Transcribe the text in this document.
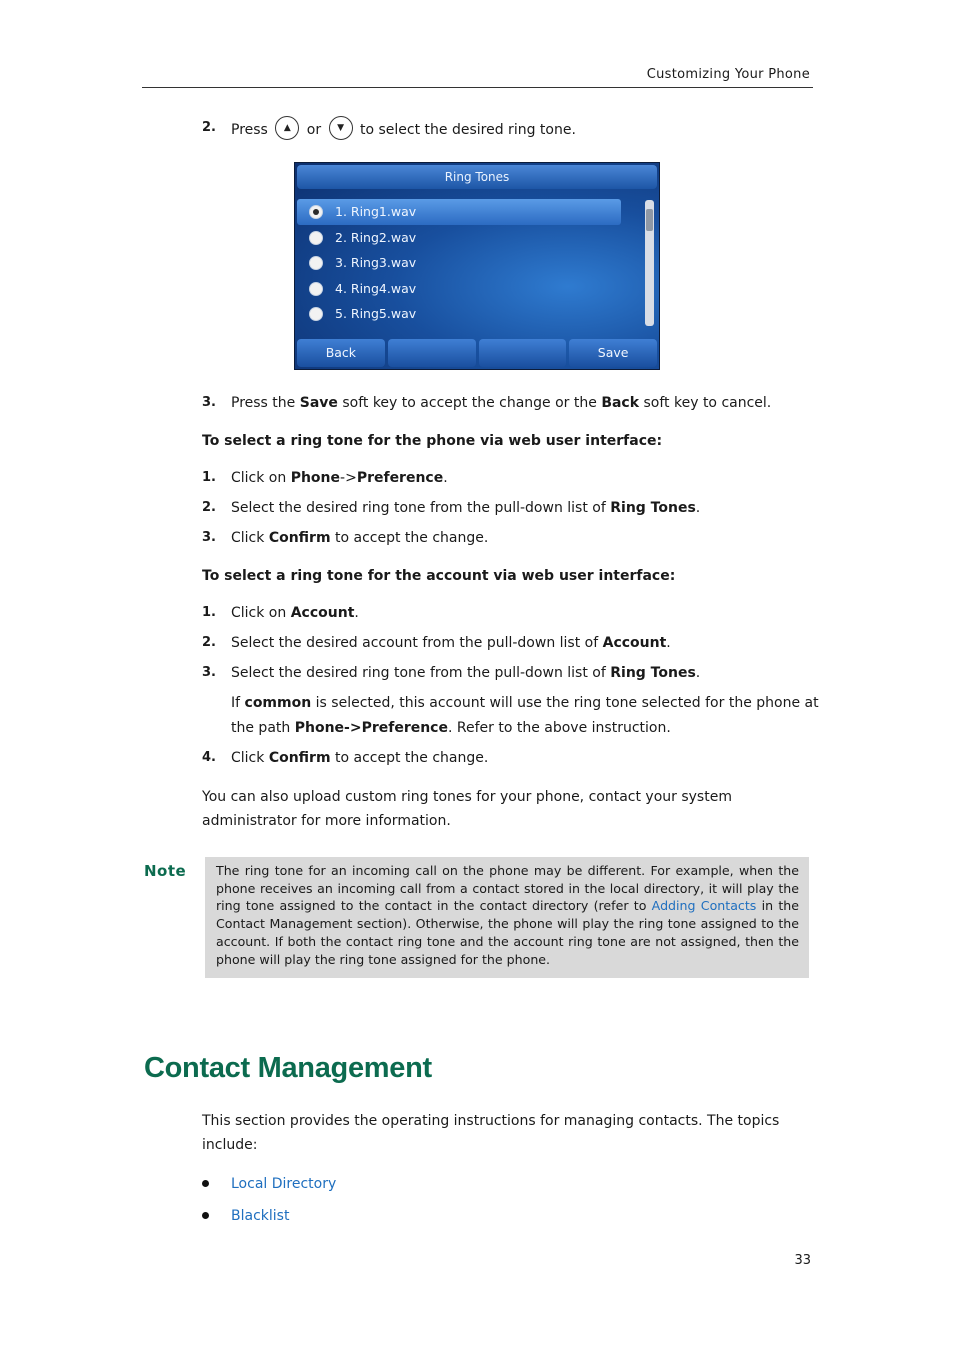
Customizing Your Phone
2. Press ▲ or ▼ to select the desired ring tone.
Ring Tones
1. Ring1.wav
2. Ring2.wav
3. Ring3.wav
4. Ring4.wav
5. Ring5.wav
Back	Save
3. Press the Save soft key to accept the change or the Back soft key to cancel.
To select a ring tone for the phone via web user interface:
1. Click on Phone->Preference.
2. Select the desired ring tone from the pull-down list of Ring Tones.
3. Click Confirm to accept the change.
To select a ring tone for the account via web user interface:
1. Click on Account.
2. Select the desired account from the pull-down list of Account.
3. Select the desired ring tone from the pull-down list of Ring Tones.
If common is selected, this account will use the ring tone selected for the phone at
the path Phone->Preference. Refer to the above instruction.
4. Click Confirm to accept the change.
You can also upload custom ring tones for your phone, contact your system
administrator for more information.
Note	The ring tone for an incoming call on the phone may be different. For example, when the phone receives an incoming call from a contact stored in the local directory, it will play the ring tone assigned to the contact in the contact directory (refer to Adding Contacts in the Contact Management section). Otherwise, the phone will play the ring tone assigned to the account. If both the contact ring tone and the account ring tone are not assigned, then the phone will play the ring tone assigned for the phone.
Contact Management
This section provides the operating instructions for managing contacts. The topics
include:
Local Directory
Blacklist
33
